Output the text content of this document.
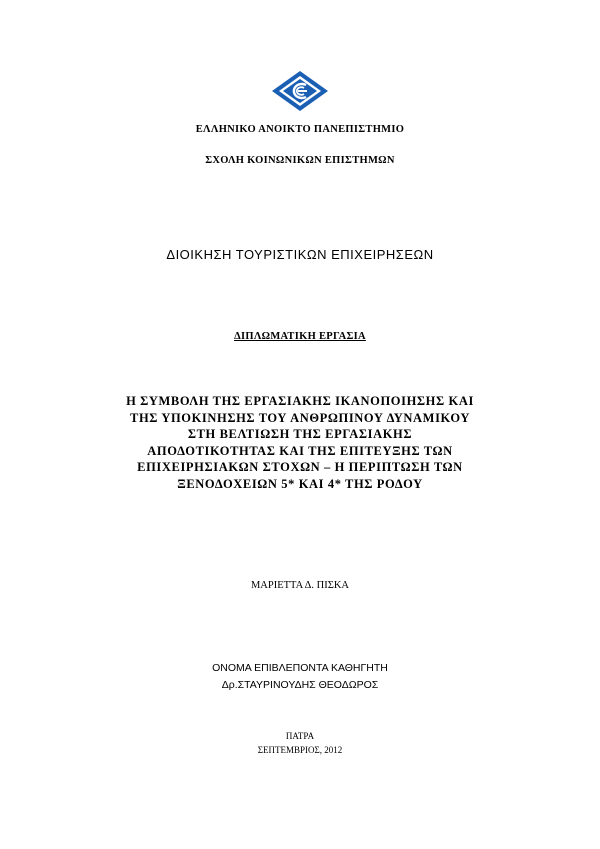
ΕΛΛΗΝΙΚΟ ΑΝΟΙΚΤΟ ΠΑΝΕΠΙΣΤΗΜΙΟ
ΣΧΟΛΗ ΚΟΙΝΩΝΙΚΩΝ ΕΠΙΣΤΗΜΩΝ
ΔΙΟΙΚΗΣΗ ΤΟΥΡΙΣΤΙΚΩΝ ΕΠΙΧΕΙΡΗΣΕΩΝ
ΔΙΠΛΩΜΑΤΙΚΗ ΕΡΓΑΣΙΑ
Η ΣΥΜΒΟΛΗ ΤΗΣ ΕΡΓΑΣΙΑΚΗΣ ΙΚΑΝΟΠΟΙΗΣΗΣ ΚΑΙ
ΤΗΣ ΥΠΟΚΙΝΗΣΗΣ ΤΟΥ ΑΝΘΡΩΠΙΝΟΥ ΔΥΝΑΜΙΚΟΥ
ΣΤΗ ΒΕΛΤΙΩΣΗ ΤΗΣ ΕΡΓΑΣΙΑΚΗΣ
ΑΠΟΔΟΤΙΚΟΤΗΤΑΣ ΚΑΙ ΤΗΣ ΕΠΙΤΕΥΞΗΣ ΤΩΝ
ΕΠΙΧΕΙΡΗΣΙΑΚΩΝ ΣΤΟΧΩΝ – Η ΠΕΡΙΠΤΩΣΗ ΤΩΝ
ΞΕΝΟΔΟΧΕΙΩΝ 5* ΚΑΙ 4* ΤΗΣ ΡΟΔΟΥ
ΜΑΡΙΕΤΤΑ Δ. ΠΙΣΚΑ
ΟΝΟΜΑ ΕΠΙΒΛΕΠΟΝΤΑ ΚΑΘΗΓΗΤΗ
Δρ.ΣΤΑΥΡΙΝΟΥΔΗΣ ΘΕΟΔΩΡΟΣ
ΠΑΤΡΑ
ΣΕΠΤΕΜΒΡΙΟΣ, 2012
